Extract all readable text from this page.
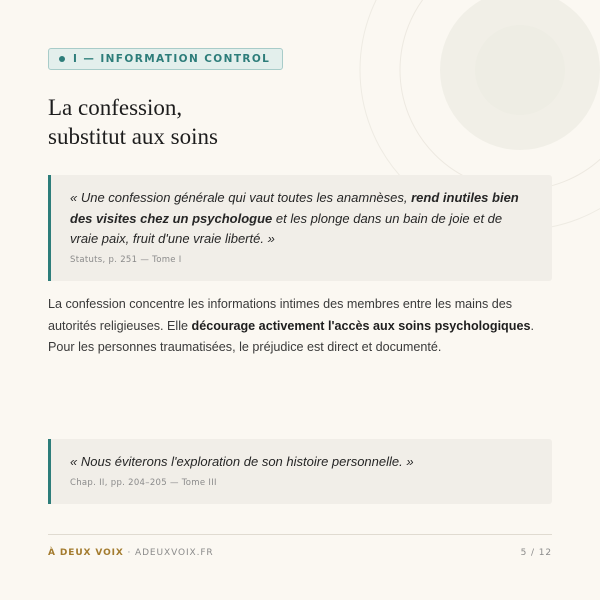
I — INFORMATION CONTROL
La confession,
substitut aux soins

« Une confession générale qui vaut toutes les anamnèses, rend inutiles bien des visites chez un psychologue et les plonge dans un bain de joie et de vraie paix, fruit d'une vraie liberté. »

Statuts, p. 251 — Tome I

La confession concentre les informations intimes des membres entre les mains des autorités religieuses. Elle décourage activement l'accès aux soins psychologiques. Pour les personnes traumatisées, le préjudice est direct et documenté.

« Nous éviterons l'exploration de son histoire personnelle. »

Chap. II, pp. 204–205 — Tome III
À DEUX VOIX · ADEUXVOIX.FR	5 / 12
